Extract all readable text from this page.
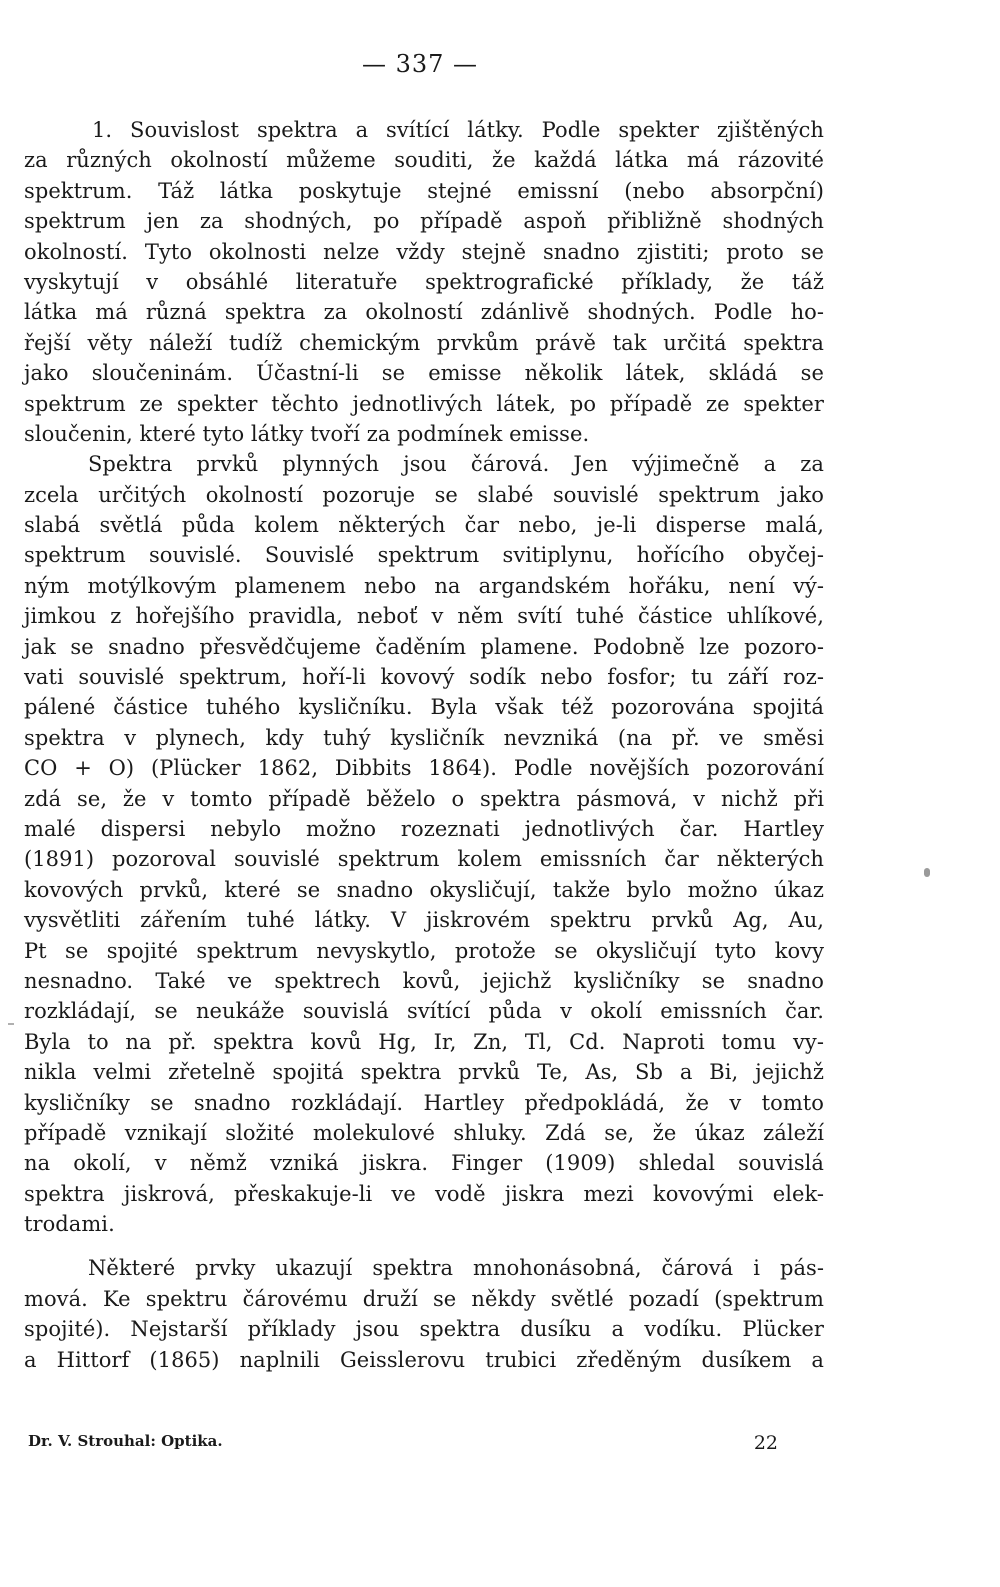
— 337 —
1. Souvislost spektra a svítící látky. Podle spekter zjištěných
za různých okolností můžeme souditi, že každá látka má rázovité
spektrum. Táž látka poskytuje stejné emissní (nebo absorpční)
spektrum jen za shodných, po případě aspoň přibližně shodných
okolností. Tyto okolnosti nelze vždy stejně snadno zjistiti; proto se
vyskytují v obsáhlé literatuře spektrografické příklady, že táž
látka má různá spektra za okolností zdánlivě shodných. Podle ho-
řejší věty náleží tudíž chemickým prvkům právě tak určitá spektra
jako sloučeninám. Účastní-li se emisse několik látek, skládá se
spektrum ze spekter těchto jednotlivých látek, po případě ze spekter
sloučenin, které tyto látky tvoří za podmínek emisse.
Spektra prvků plynných jsou čárová. Jen výjimečně a za
zcela určitých okolností pozoruje se slabé souvislé spektrum jako
slabá světlá půda kolem některých čar nebo, je-li disperse malá,
spektrum souvislé. Souvislé spektrum svitiplynu, hořícího obyčej-
ným motýlkovým plamenem nebo na argandském hořáku, není vý-
jimkou z hořejšího pravidla, neboť v něm svítí tuhé částice uhlíkové,
jak se snadno přesvědčujeme čaděním plamene. Podobně lze pozoro-
vati souvislé spektrum, hoří-li kovový sodík nebo fosfor; tu září roz-
pálené částice tuhého kysličníku. Byla však též pozorována spojitá
spektra v plynech, kdy tuhý kysličník nevzniká (na př. ve směsi
CO + O) (Plücker 1862, Dibbits 1864). Podle novějších pozorování
zdá se, že v tomto případě běželo o spektra pásmová, v nichž při
malé dispersi nebylo možno rozeznati jednotlivých čar. Hartley
(1891) pozoroval souvislé spektrum kolem emissních čar některých
kovových prvků, které se snadno okysličují, takže bylo možno úkaz
vysvětliti zářením tuhé látky. V jiskrovém spektru prvků Ag, Au,
Pt se spojité spektrum nevyskytlo, protože se okysličují tyto kovy
nesnadno. Také ve spektrech kovů, jejichž kysličníky se snadno
rozkládají, se neukáže souvislá svítící půda v okolí emissních čar.
Byla to na př. spektra kovů Hg, Ir, Zn, Tl, Cd. Naproti tomu vy-
nikla velmi zřetelně spojitá spektra prvků Te, As, Sb a Bi, jejichž
kysličníky se snadno rozkládají. Hartley předpokládá, že v tomto
případě vznikají složité molekulové shluky. Zdá se, že úkaz záleží
na okolí, v němž vzniká jiskra. Finger (1909) shledal souvislá
spektra jiskrová, přeskakuje-li ve vodě jiskra mezi kovovými elek-
trodami.
Některé prvky ukazují spektra mnohonásobná, čárová i pás-
mová. Ke spektru čárovému druží se někdy světlé pozadí (spektrum
spojité). Nejstarší příklady jsou spektra dusíku a vodíku. Plücker
a Hittorf (1865) naplnili Geisslerovu trubici zředěným dusíkem a
Dr. V. Strouhal: Optika.	22
